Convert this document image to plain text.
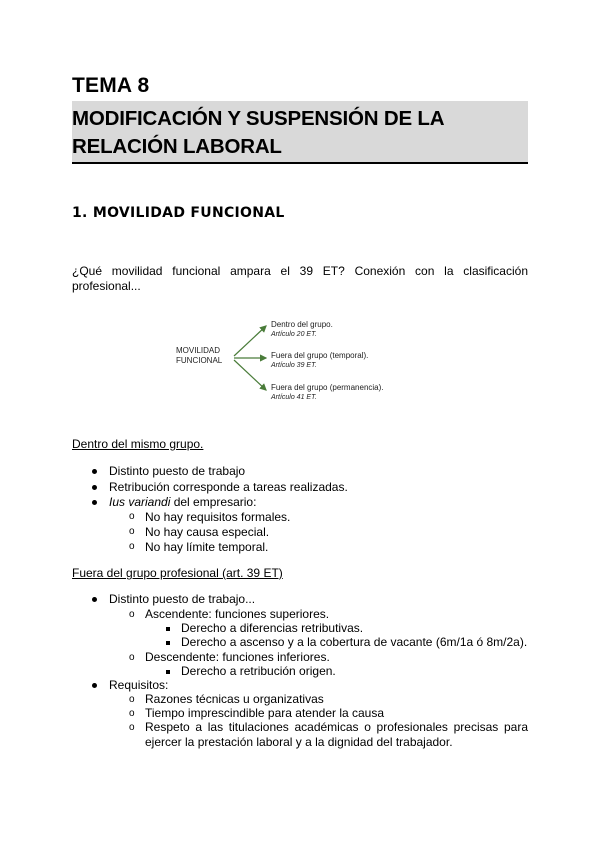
TEMA 8
MODIFICACIÓN Y SUSPENSIÓN DE LA
RELACIÓN LABORAL
1. MOVILIDAD FUNCIONAL
¿Qué movilidad funcional ampara el 39 ET? Conexión con la clasificación
profesional...
MOVILIDAD
FUNCIONAL
Dentro del grupo.
Artículo 20 ET.
Fuera del grupo (temporal).
Artículo 39 ET.
Fuera del grupo (permanencia).
Artículo 41 ET.
Dentro del mismo grupo.
Distinto puesto de trabajo
Retribución corresponde a tareas realizadas.
Ius variandi del empresario:
o No hay requisitos formales.
o No hay causa especial.
o No hay límite temporal.
Fuera del grupo profesional (art. 39 ET)
Distinto puesto de trabajo...
o Ascendente: funciones superiores.
Derecho a diferencias retributivas.
Derecho a ascenso y a la cobertura de vacante (6m/1a ó 8m/2a).
o Descendente: funciones inferiores.
Derecho a retribución origen.
Requisitos:
o Razones técnicas u organizativas
o Tiempo imprescindible para atender la causa
o Respeto a las titulaciones académicas o profesionales precisas para
ejercer la prestación laboral y a la dignidad del trabajador.
